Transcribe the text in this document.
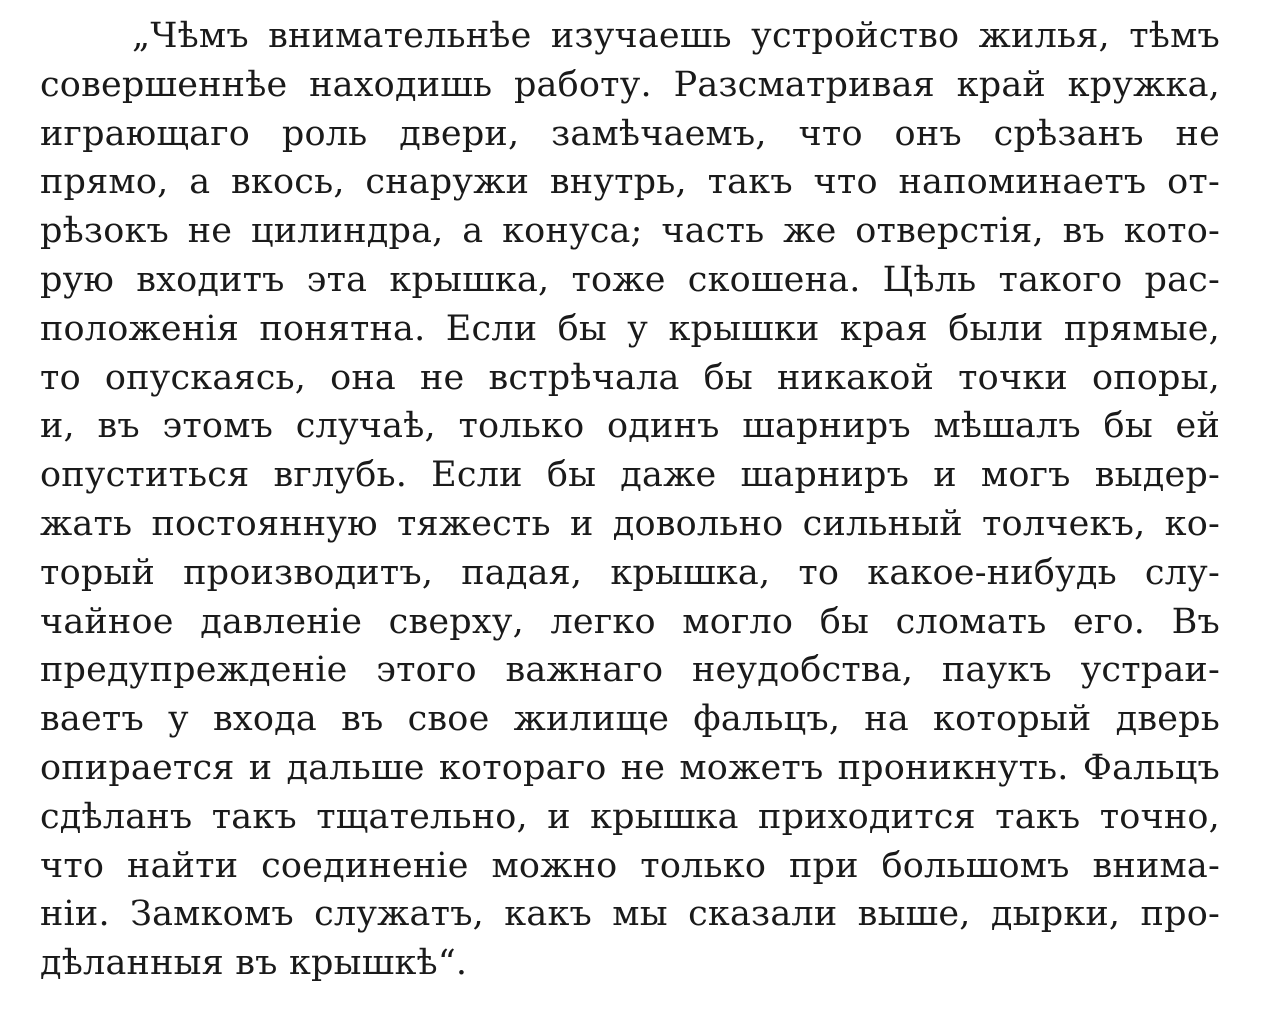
„Чѣмъ внимательнѣе изучаешь устройство жилья, тѣмъ
совершеннѣе находишь работу. Разсматривая край кружка,
играющаго роль двери, замѣчаемъ, что онъ срѣзанъ не
прямо, а вкось, снаружи внутрь, такъ что напоминаетъ от-
рѣзокъ не цилиндра, а конуса; часть же отверстія, въ кото-
рую входитъ эта крышка, тоже скошена. Цѣль такого рас-
положенія понятна. Если бы у крышки края были прямые,
то опускаясь, она не встрѣчала бы никакой точки опоры,
и, въ этомъ случаѣ, только одинъ шарниръ мѣшалъ бы ей
опуститься вглубь. Если бы даже шарниръ и могъ выдер-
жать постоянную тяжесть и довольно сильный толчекъ, ко-
торый производитъ, падая, крышка, то какое-нибудь слу-
чайное давленіе сверху, легко могло бы сломать его. Въ
предупрежденіе этого важнаго неудобства, паукъ устраи-
ваетъ у входа въ свое жилище фальцъ, на который дверь
опирается и дальше котораго не можетъ проникнуть. Фальцъ
сдѣланъ такъ тщательно, и крышка приходится такъ точно,
что найти соединеніе можно только при большомъ внима-
ніи. Замкомъ служатъ, какъ мы сказали выше, дырки, про-
дѣланныя въ крышкѣ“.
